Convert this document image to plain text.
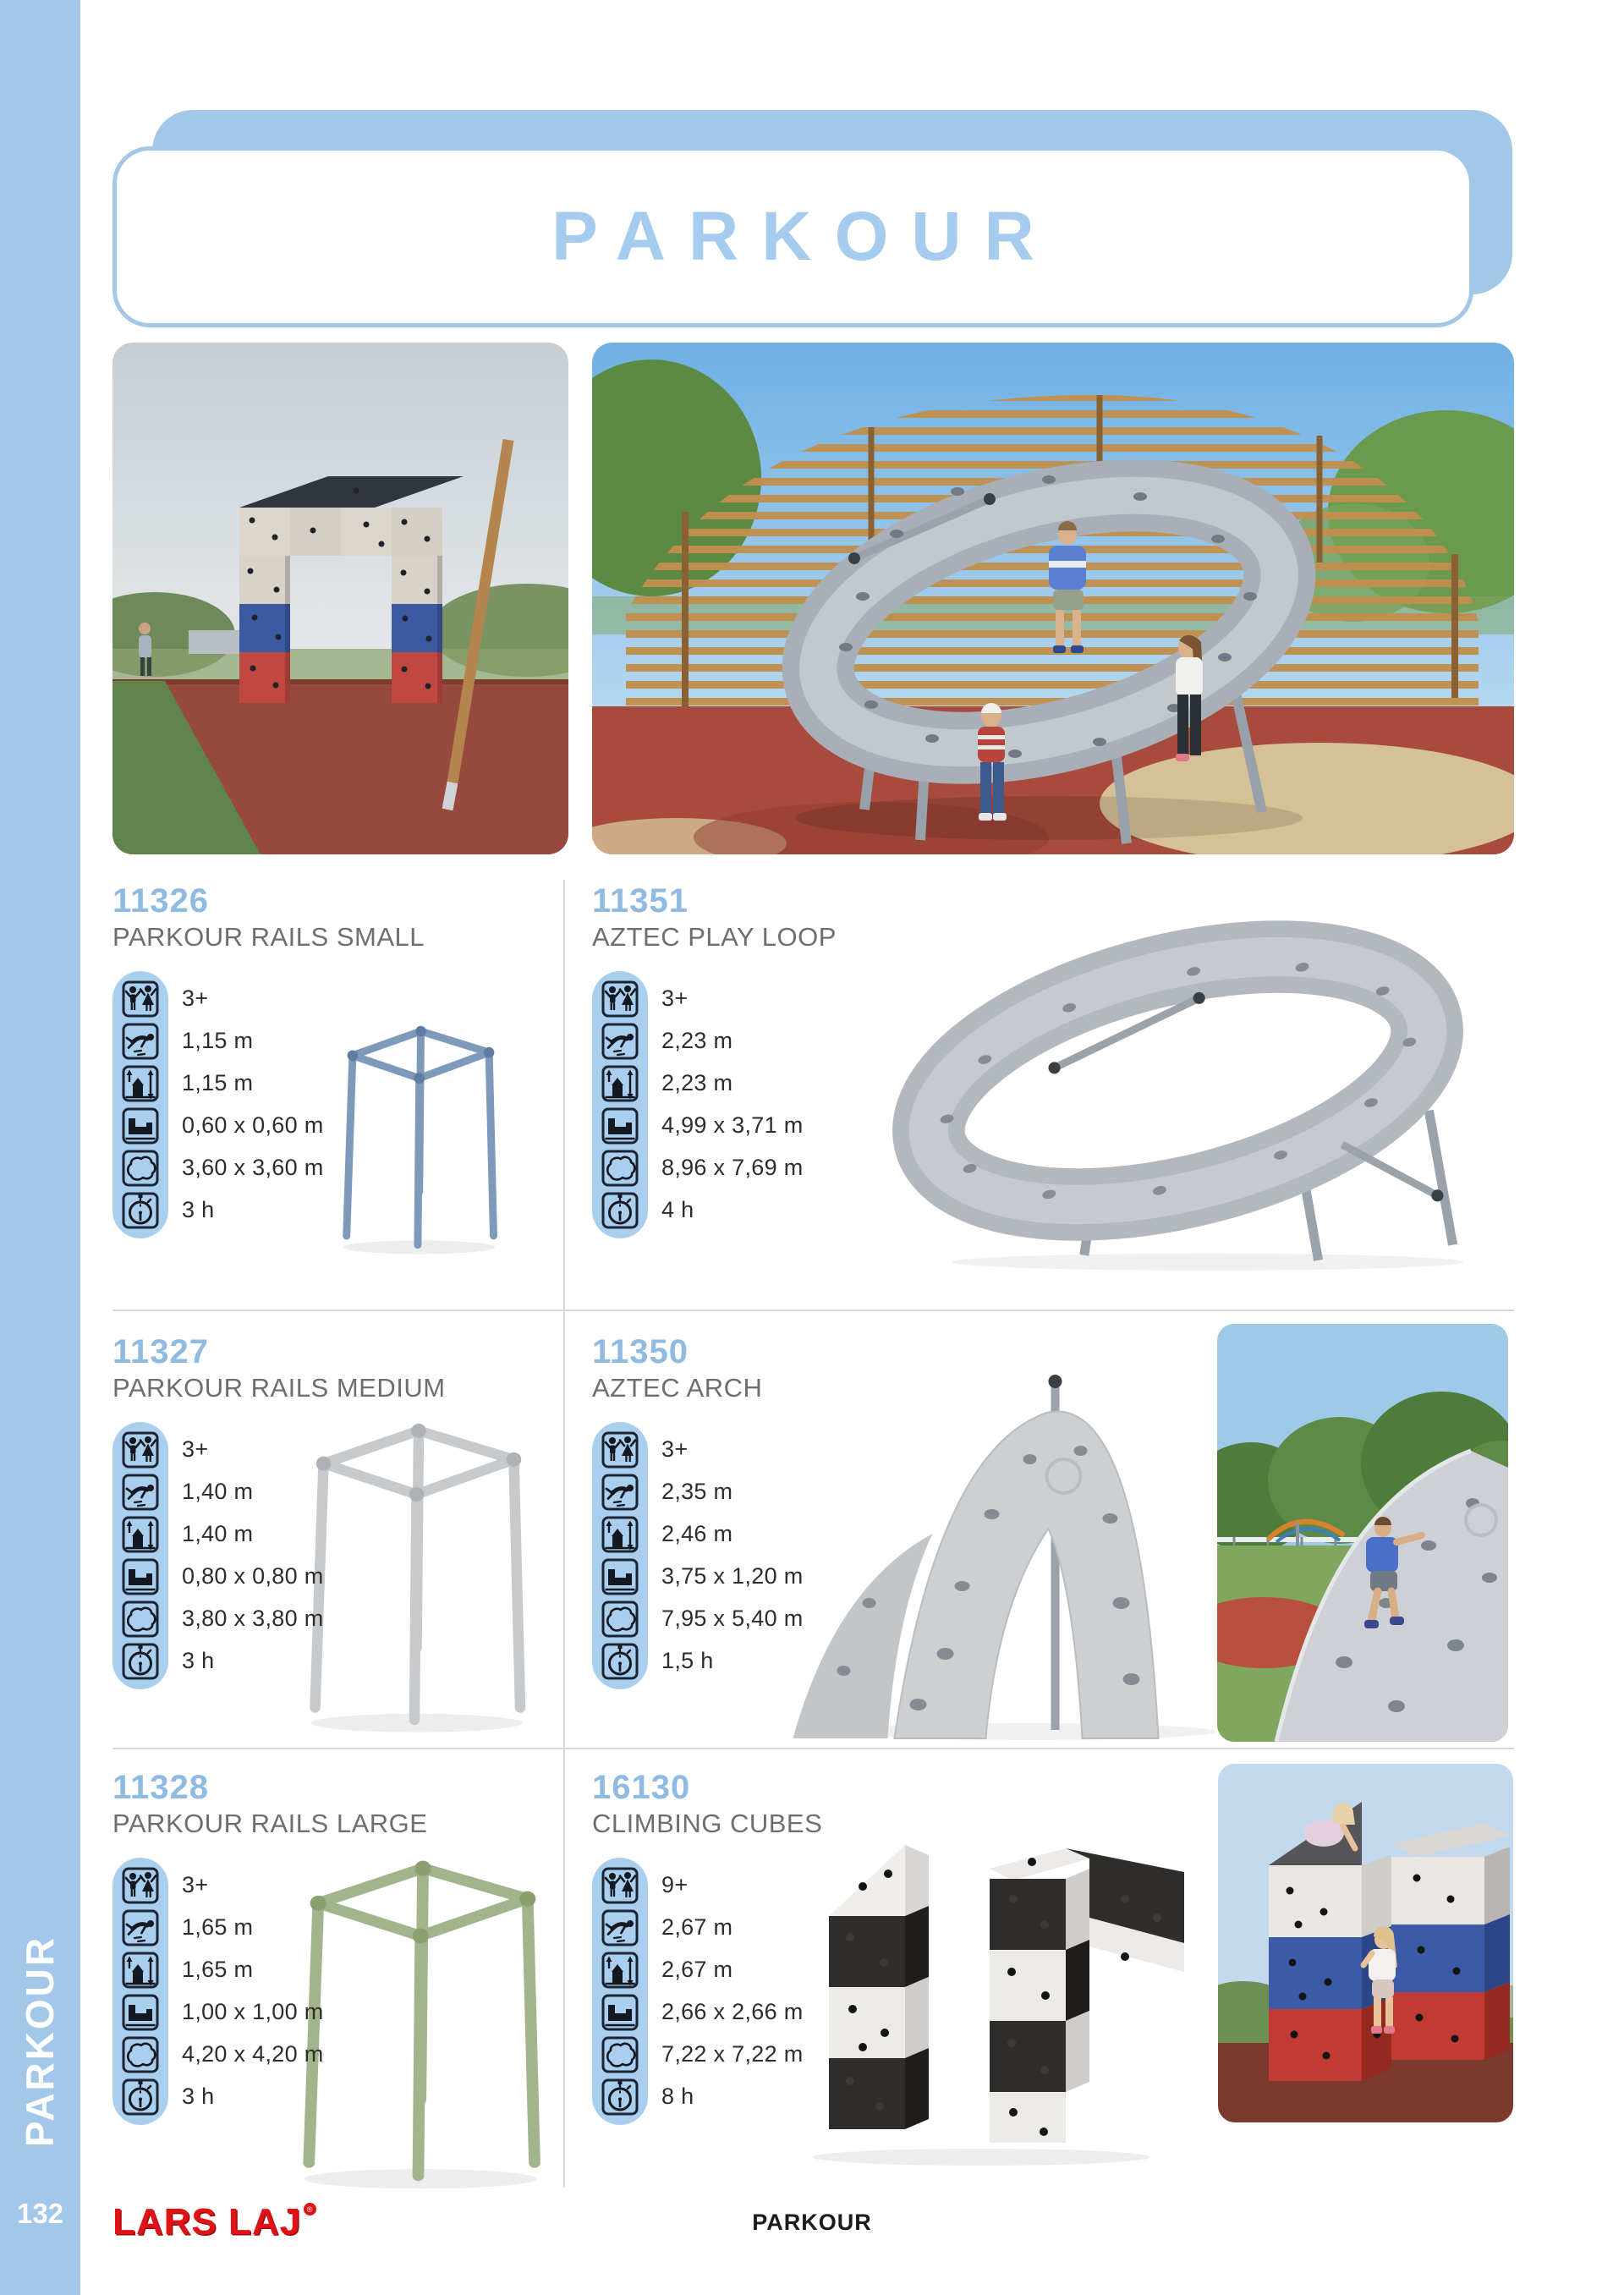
PARKOUR
132
PARKOUR
11326
PARKOUR RAILS SMALL
3+
1,15 m
1,15 m
0,60 x 0,60 m
3,60 x 3,60 m
3 h
11351
AZTEC PLAY LOOP
3+
2,23 m
2,23 m
4,99 x 3,71 m
8,96 x 7,69 m
4 h
11327
PARKOUR RAILS MEDIUM
3+
1,40 m
1,40 m
0,80 x 0,80 m
3,80 x 3,80 m
3 h
11350
AZTEC ARCH
3+
2,35 m
2,46 m
3,75 x 1,20 m
7,95 x 5,40 m
1,5 h
11328
PARKOUR RAILS LARGE
3+
1,65 m
1,65 m
1,00 x 1,00 m
4,20 x 4,20 m
3 h
16130
CLIMBING CUBES
9+
2,67 m
2,67 m
2,66 x 2,66 m
7,22 x 7,22 m
8 h
LARS LAJ ®
PARKOUR
